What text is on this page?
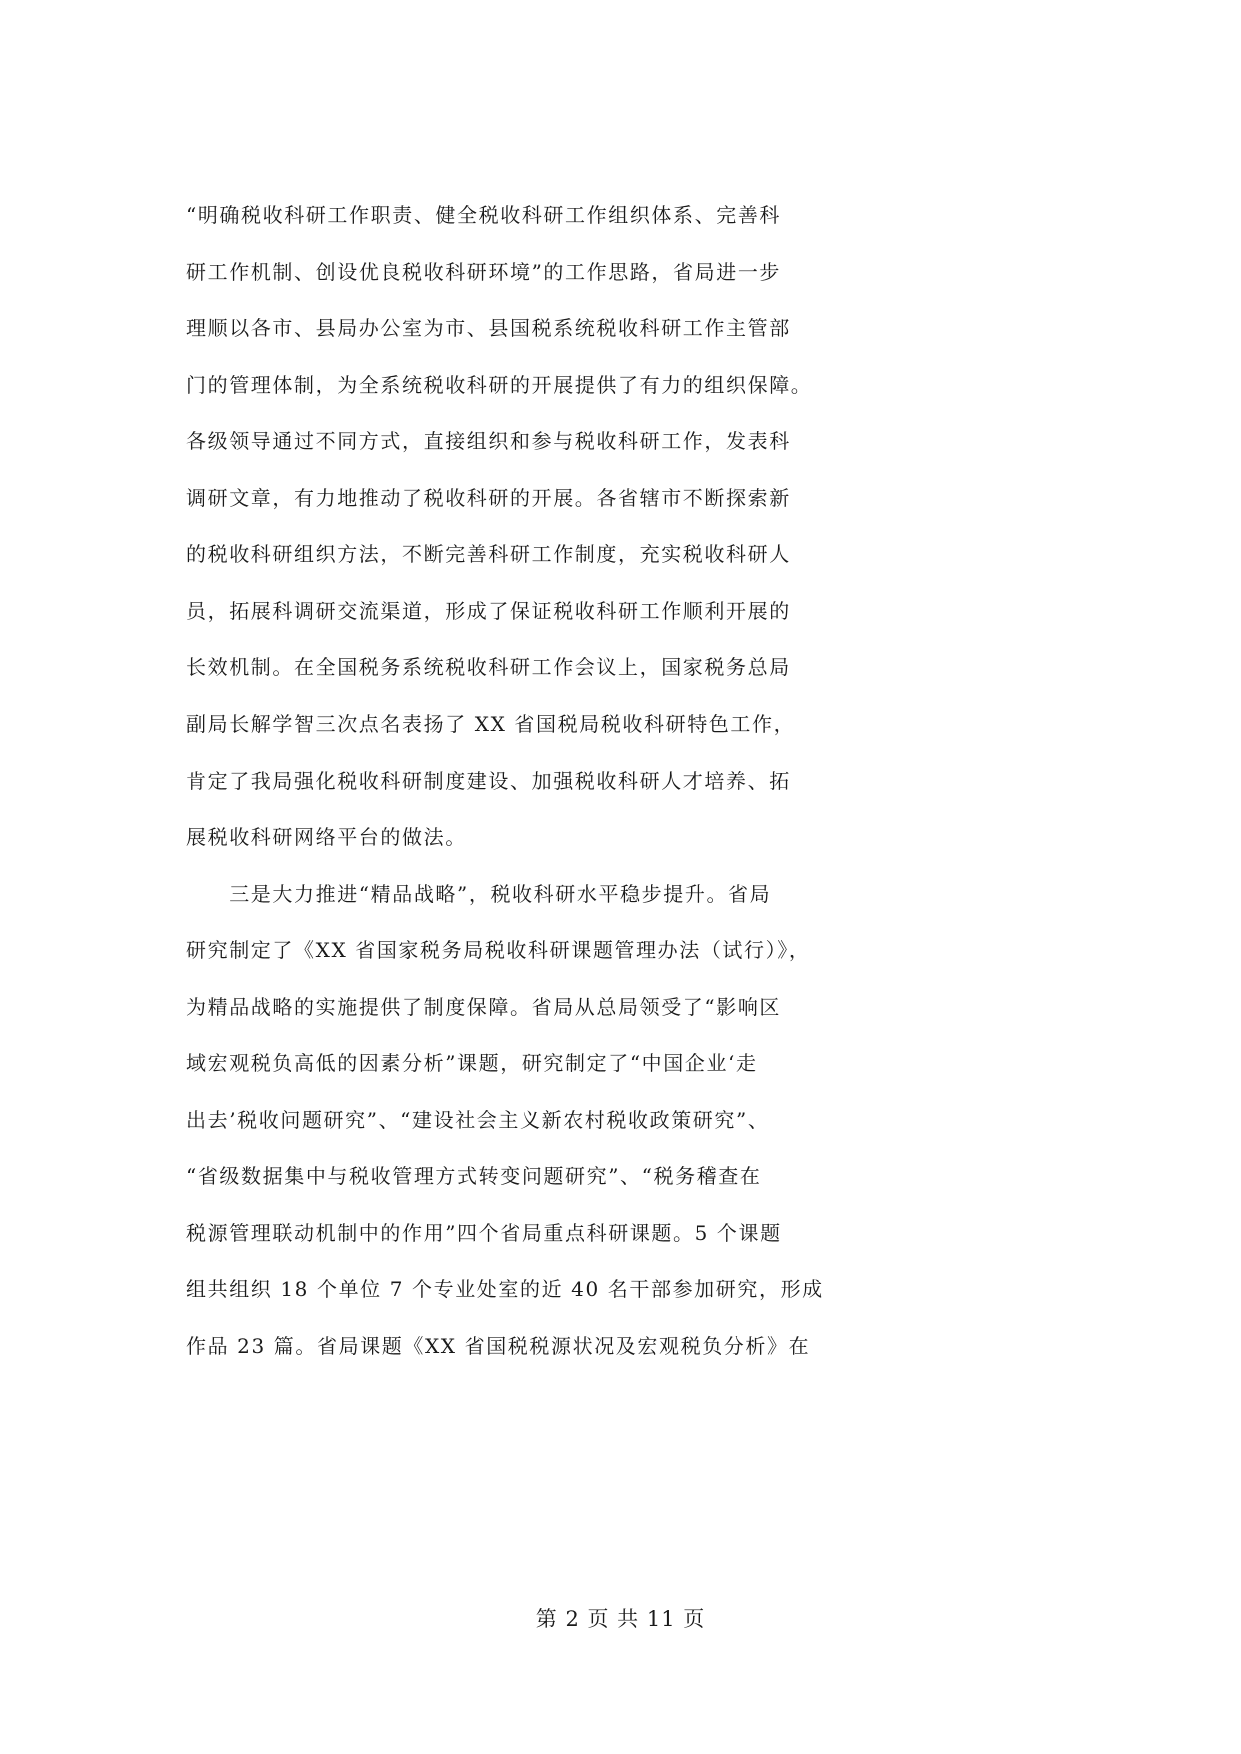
“明确税收科研工作职责、健全税收科研工作组织体系、完善科
研工作机制、创设优良税收科研环境”的工作思路，省局进一步
理顺以各市、县局办公室为市、县国税系统税收科研工作主管部
门的管理体制，为全系统税收科研的开展提供了有力的组织保障。
各级领导通过不同方式，直接组织和参与税收科研工作，发表科
调研文章，有力地推动了税收科研的开展。各省辖市不断探索新
的税收科研组织方法，不断完善科研工作制度，充实税收科研人
员，拓展科调研交流渠道，形成了保证税收科研工作顺利开展的
长效机制。在全国税务系统税收科研工作会议上，国家税务总局
副局长解学智三次点名表扬了 XX 省国税局税收科研特色工作，
肯定了我局强化税收科研制度建设、加强税收科研人才培养、拓
展税收科研网络平台的做法。
　　三是大力推进“精品战略”，税收科研水平稳步提升。省局
研究制定了《XX 省国家税务局税收科研课题管理办法（试行）》，
为精品战略的实施提供了制度保障。省局从总局领受了“影响区
域宏观税负高低的因素分析”课题，研究制定了“中国企业‘走
出去’税收问题研究”、“建设社会主义新农村税收政策研究”、
“省级数据集中与税收管理方式转变问题研究”、“税务稽查在
税源管理联动机制中的作用”四个省局重点科研课题。5 个课题
组共组织 18 个单位 7 个专业处室的近 40 名干部参加研究，形成
作品 23 篇。省局课题《XX 省国税税源状况及宏观税负分析》在
第 2 页 共 11 页
